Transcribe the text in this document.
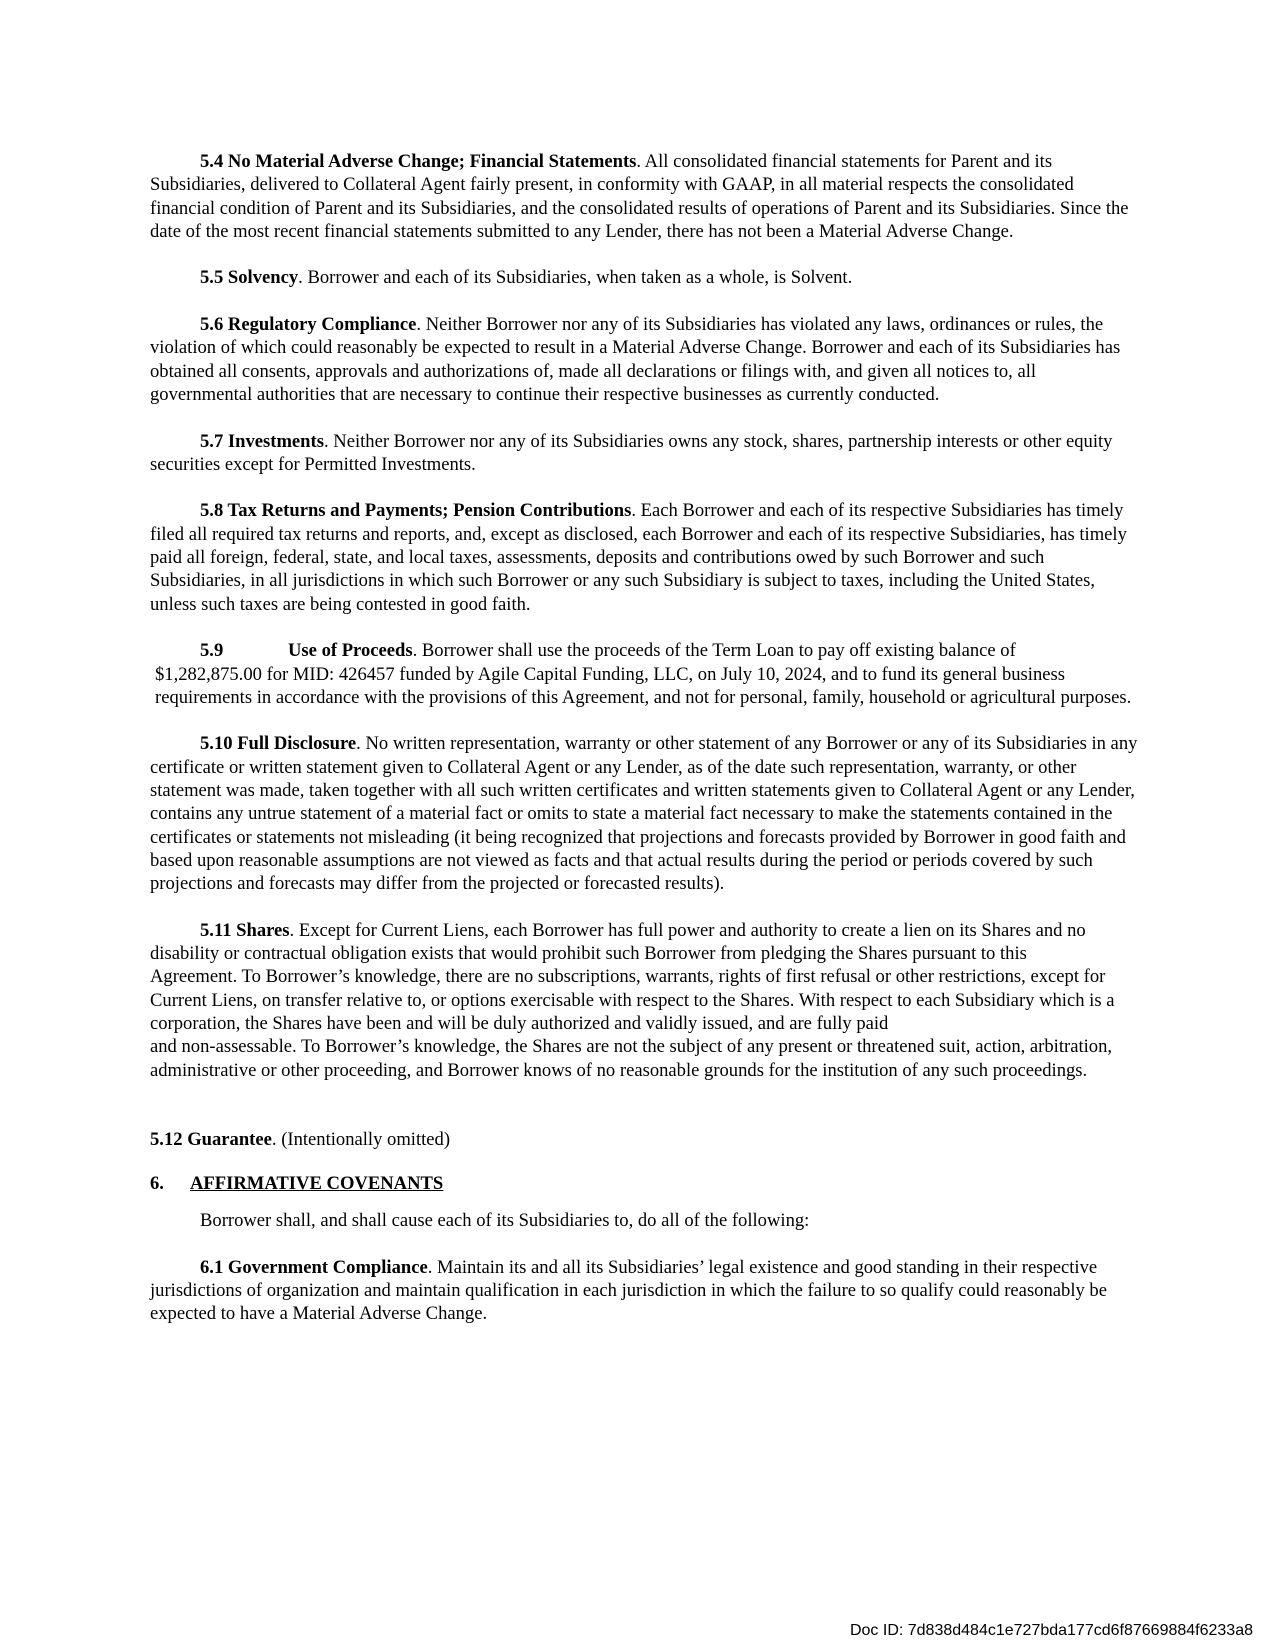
5.4 No Material Adverse Change; Financial Statements. All consolidated financial statements for Parent and its Subsidiaries, delivered to Collateral Agent fairly present, in conformity with GAAP, in all material respects the consolidated financial condition of Parent and its Subsidiaries, and the consolidated results of operations of Parent and its Subsidiaries. Since the date of the most recent financial statements submitted to any Lender, there has not been a Material Adverse Change.

5.5 Solvency. Borrower and each of its Subsidiaries, when taken as a whole, is Solvent.

5.6 Regulatory Compliance. Neither Borrower nor any of its Subsidiaries has violated any laws, ordinances or rules, the violation of which could reasonably be expected to result in a Material Adverse Change. Borrower and each of its Subsidiaries has obtained all consents, approvals and authorizations of, made all declarations or filings with, and given all notices to, all governmental authorities that are necessary to continue their respective businesses as currently conducted.

5.7 Investments. Neither Borrower nor any of its Subsidiaries owns any stock, shares, partnership interests or other equity securities except for Permitted Investments.

5.8 Tax Returns and Payments; Pension Contributions. Each Borrower and each of its respective Subsidiaries has timely filed all required tax returns and reports, and, except as disclosed, each Borrower and each of its respective Subsidiaries, has timely paid all foreign, federal, state, and local taxes, assessments, deposits and contributions owed by such Borrower and such Subsidiaries, in all jurisdictions in which such Borrower or any such Subsidiary is subject to taxes, including the United States, unless such taxes are being contested in good faith.

5.9	Use of Proceeds. Borrower shall use the proceeds of the Term Loan to pay off existing balance of

$1,282,875.00 for MID: 426457 funded by Agile Capital Funding, LLC, on July 10, 2024, and to fund its general business requirements in accordance with the provisions of this Agreement, and not for personal, family, household or agricultural purposes.

5.10 Full Disclosure. No written representation, warranty or other statement of any Borrower or any of its Subsidiaries in any certificate or written statement given to Collateral Agent or any Lender, as of the date such representation, warranty, or other statement was made, taken together with all such written certificates and written statements given to Collateral Agent or any Lender, contains any untrue statement of a material fact or omits to state a material fact necessary to make the statements contained in the certificates or statements not misleading (it being recognized that projections and forecasts provided by Borrower in good faith and based upon reasonable assumptions are not viewed as facts and that actual results during the period or periods covered by such projections and forecasts may differ from the projected or forecasted results).

5.11 Shares. Except for Current Liens, each Borrower has full power and authority to create a lien on its Shares and no disability or contractual obligation exists that would prohibit such Borrower from pledging the Shares pursuant to this

Agreement. To Borrower’s knowledge, there are no subscriptions, warrants, rights of first refusal or other restrictions, except for Current Liens, on transfer relative to, or options exercisable with respect to the Shares. With respect to each Subsidiary which is a corporation, the Shares have been and will be duly authorized and validly issued, and are fully paid

and non-assessable. To Borrower’s knowledge, the Shares are not the subject of any present or threatened suit, action, arbitration, administrative or other proceeding, and Borrower knows of no reasonable grounds for the institution of any such proceedings.

5.12 Guarantee. (Intentionally omitted)

6. AFFIRMATIVE COVENANTS

Borrower shall, and shall cause each of its Subsidiaries to, do all of the following:

6.1 Government Compliance. Maintain its and all its Subsidiaries’ legal existence and good standing in their respective jurisdictions of organization and maintain qualification in each jurisdiction in which the failure to so qualify could reasonably be expected to have a Material Adverse Change.

Doc ID: 7d838d484c1e727bda177cd6f87669884f6233a8
